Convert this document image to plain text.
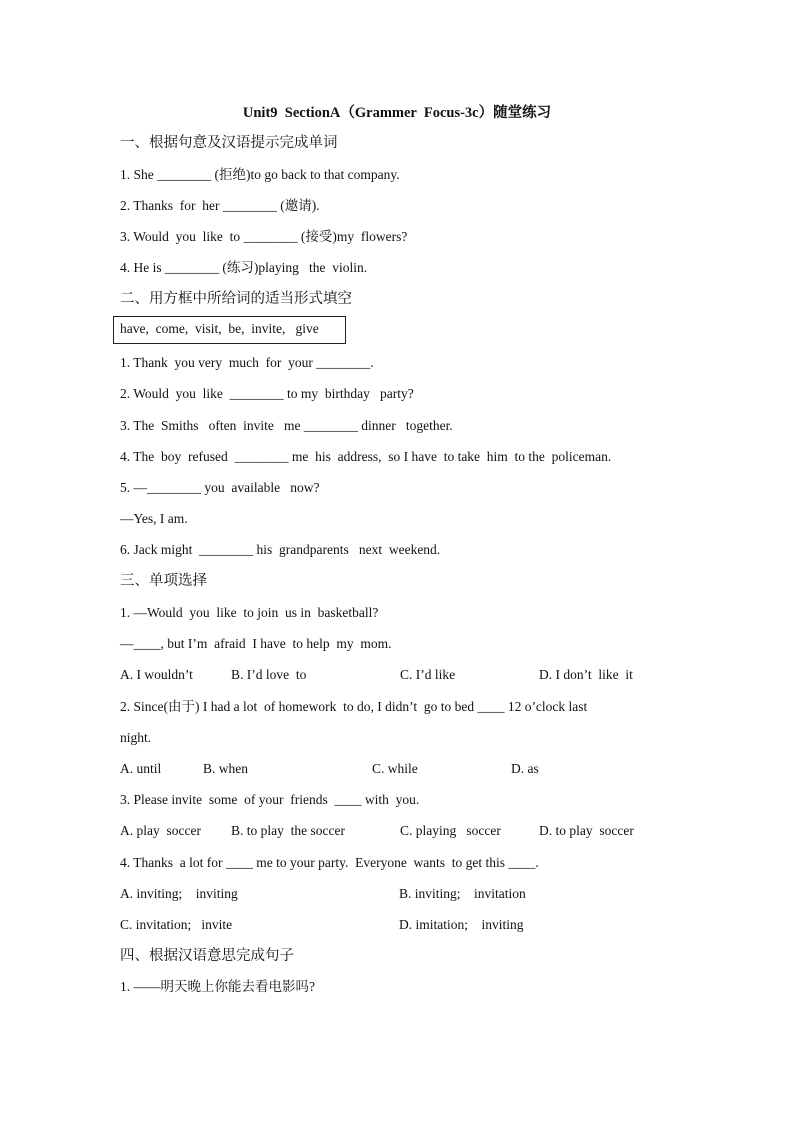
Unit9  SectionA（Grammer  Focus-3c）随堂练习
一、根据句意及汉语提示完成单词
1. She ________ (拒绝)to go back to that company.
2. Thanks  for  her ________ (邀请).
3. Would  you  like  to ________ (接受)my  flowers?
4. He is ________ (练习)playing   the  violin.
二、用方框中所给词的适当形式填空
have,  come,  visit,  be,  invite,   give
1. Thank  you very  much  for  your ________.
2. Would  you  like  ________ to my  birthday   party?
3. The  Smiths   often  invite   me ________ dinner   together.
4. The  boy  refused  ________ me  his  address,  so I have  to take  him  to the  policeman.
5. —________ you  available   now?
—Yes, I am.
6. Jack might  ________ his  grandparents   next  weekend.
三、单项选择
1. —Would  you  like  to join  us in  basketball?
—____, but I’m  afraid  I have  to help  my  mom.
A. I wouldn’t	B. I’d love  to	C. I’d like	D. I don’t  like  it
2. Since(由于) I had a lot  of homework  to do, I didn’t  go to bed ____ 12 o’clock last
night.
A. until	B. when	C. while	D. as
3. Please invite  some  of your  friends  ____ with  you.
A. play  soccer B. to play  the soccer	C. playing   soccer	D. to play  soccer
4. Thanks  a lot for ____ me to your party.  Everyone  wants  to get this ____.
A. inviting;    inviting	B. inviting;    invitation
C. invitation;   invite	D. imitation;    inviting
四、根据汉语意思完成句子
1. ——明天晚上你能去看电影吗?
